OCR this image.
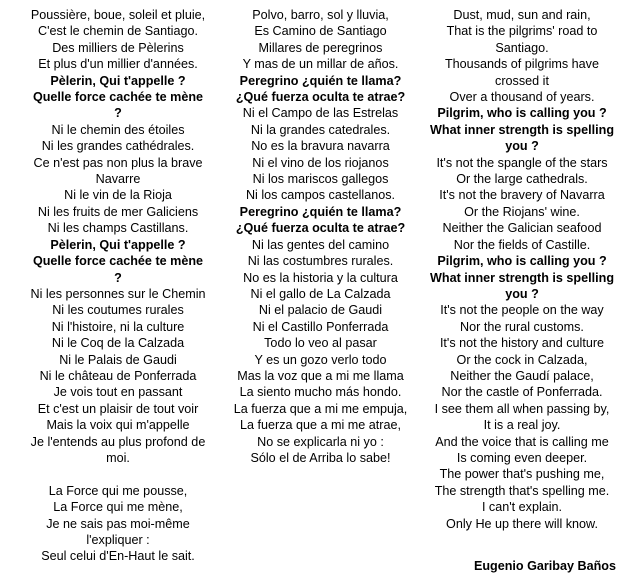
Poussière, boue, soleil et pluie,
C'est le chemin de Santiago.
Des milliers de Pèlerins
Et plus d'un millier d'années.
Pèlerin, Qui t'appelle ?
Quelle force cachée te mène
?
Ni le chemin des étoiles
Ni les grandes cathédrales.
Ce n'est pas non plus la brave
Navarre
Ni le vin de la Rioja
Ni les fruits de mer Galiciens
Ni les champs Castillans.
Pèlerin, Qui t'appelle ?
Quelle force cachée te mène
?
Ni les personnes sur le Chemin
Ni les coutumes rurales
Ni l'histoire, ni la culture
Ni le Coq de la Calzada
Ni le Palais de Gaudi
Ni le château de Ponferrada
Je vois tout en passant
Et c'est un plaisir de tout voir
Mais la voix qui m'appelle
Je l'entends au plus profond de
moi.
La Force qui me pousse,
La Force qui me mène,
Je ne sais pas moi-même
l'expliquer :
Seul celui d'En-Haut le sait.
Polvo, barro, sol y lluvia,
Es Camino de Santiago
Millares de peregrinos
Y mas de un millar de años.
Peregrino ¿quién te llama?
¿Qué fuerza oculta te atrae?
Ni el Campo de las Estrelas
Ni la grandes catedrales.
No es la bravura navarra
Ni el vino de los riojanos
Ni los mariscos gallegos
Ni los campos castellanos.
Peregrino ¿quién te llama?
¿Qué fuerza oculta te atrae?
Ni las gentes del camino
Ni las costumbres rurales.
No es la historia y la cultura
Ni el gallo de La Calzada
Ni el palacio de Gaudi
Ni el Castillo Ponferrada
Todo lo veo al pasar
Y es un gozo verlo todo
Mas la voz que a mi me llama
La siento mucho más hondo.
La fuerza que a mi me empuja,
La fuerza que a mi me atrae,
No se explicarla ni yo :
Sólo el de Arriba lo sabe!
Dust, mud, sun and rain,
That is the pilgrims' road to Santiago.
Thousands of pilgrims have crossed it
Over a thousand of years.
Pilgrim, who is calling you ?
What inner strength is spelling you ?
It's not the spangle of the stars
Or the large cathedrals.
It's not the bravery of Navarra
Or the Riojans' wine.
Neither the Galician seafood
Nor the fields of Castille.
Pilgrim, who is calling you ?
What inner strength is spelling you ?
It's not the people on the way
Nor the rural customs.
It's not the history and culture
Or the cock in Calzada,
Neither the Gaudí palace,
Nor the castle of Ponferrada.
I see them all when passing by,
It is a real joy.
And the voice that is calling me
Is coming even deeper.
The power that's pushing me,
The strength that's spelling me.
I can't explain.
Only He up there will know.
Eugenio Garibay Baños
